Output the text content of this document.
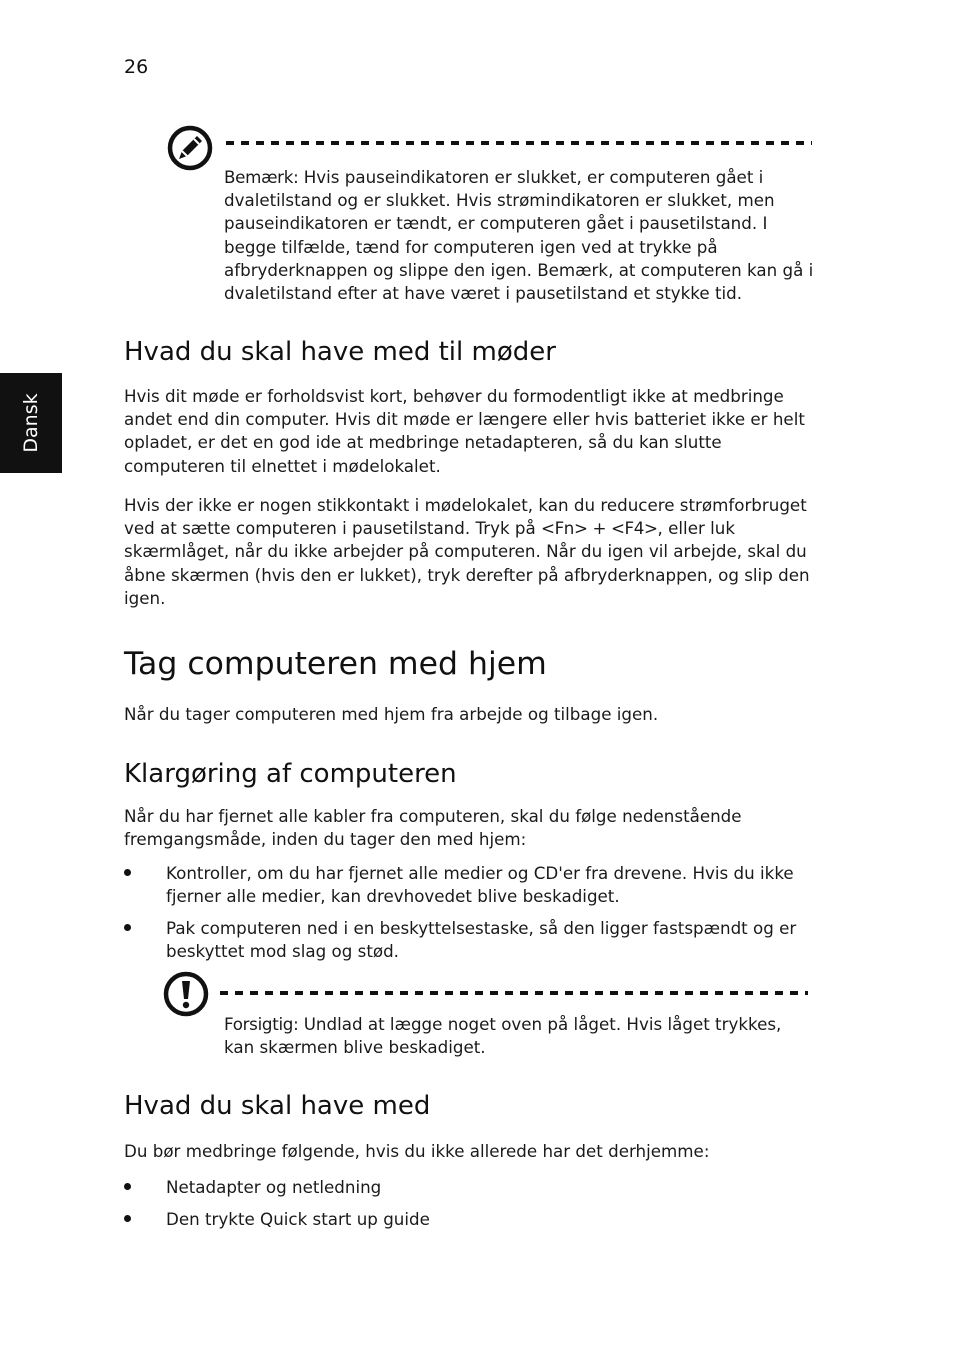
26
Dansk

Bemærk: Hvis pauseindikatoren er slukket, er computeren gået i dvaletilstand og er slukket. Hvis strømindikatoren er slukket, men pauseindikatoren er tændt, er computeren gået i pausetilstand. I begge tilfælde, tænd for computeren igen ved at trykke på afbryderknappen og slippe den igen. Bemærk, at computeren kan gå i dvaletilstand efter at have været i pausetilstand et stykke tid.

Hvad du skal have med til møder

Hvis dit møde er forholdsvist kort, behøver du formodentligt ikke at medbringe andet end din computer. Hvis dit møde er længere eller hvis batteriet ikke er helt opladet, er det en god ide at medbringe netadapteren, så du kan slutte computeren til elnettet i mødelokalet.

Hvis der ikke er nogen stikkontakt i mødelokalet, kan du reducere strømforbruget ved at sætte computeren i pausetilstand. Tryk på <Fn> + <F4>, eller luk skærmlåget, når du ikke arbejder på computeren. Når du igen vil arbejde, skal du åbne skærmen (hvis den er lukket), tryk derefter på afbryderknappen, og slip den igen.

Tag computeren med hjem

Når du tager computeren med hjem fra arbejde og tilbage igen.

Klargøring af computeren

Når du har fjernet alle kabler fra computeren, skal du følge nedenstående fremgangsmåde, inden du tager den med hjem:

Kontroller, om du har fjernet alle medier og CD'er fra drevene. Hvis du ikke fjerner alle medier, kan drevhovedet blive beskadiget.

Pak computeren ned i en beskyttelsestaske, så den ligger fastspændt og er beskyttet mod slag og stød.

Forsigtig: Undlad at lægge noget oven på låget. Hvis låget trykkes, kan skærmen blive beskadiget.

Hvad du skal have med

Du bør medbringe følgende, hvis du ikke allerede har det derhjemme:

Netadapter og netledning

Den trykte Quick start up guide
